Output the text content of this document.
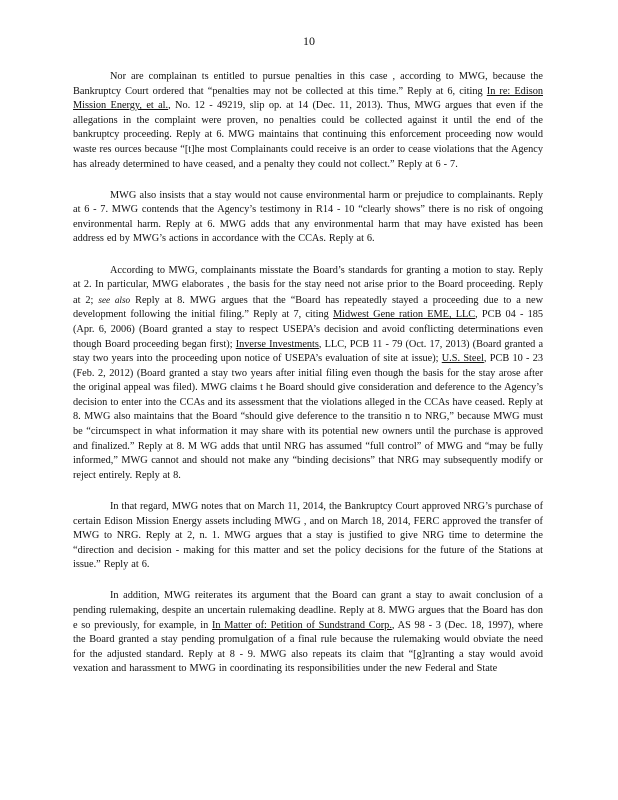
10

Nor are complainan ts entitled to pursue penalties in this case , according to MWG, because the Bankruptcy Court ordered that “penalties may not be collected at this time.” Reply at 6, citing In re: Edison Mission Energy, et al., No. 12 - 49219, slip op. at 14 (Dec. 11, 2013). Thus, MWG argues that even if the allegations in the complaint were proven, no penalties could be collected against it until the end of the bankruptcy proceeding. Reply at 6. MWG maintains that continuing this enforcement proceeding now would waste res ources because “[t]he most Complainants could receive is an order to cease violations that the Agency has already determined to have ceased, and a penalty they could not collect.” Reply at 6 - 7.

MWG also insists that a stay would not cause environmental harm or prejudice to complainants. Reply at 6 - 7. MWG contends that the Agency’s testimony in R14 - 10 “clearly shows” there is no risk of ongoing environmental harm. Reply at 6. MWG adds that any environmental harm that may have existed has been address ed by MWG’s actions in accordance with the CCAs. Reply at 6.

According to MWG, complainants misstate the Board’s standards for granting a motion to stay. Reply at 2. In particular, MWG elaborates , the basis for the stay need not arise prior to the Board proceeding. Reply at 2; see also Reply at 8. MWG argues that the “Board has repeatedly stayed a proceeding due to a new development following the initial filing.” Reply at 7, citing Midwest Gene ration EME, LLC, PCB 04 - 185 (Apr. 6, 2006) (Board granted a stay to respect USEPA’s decision and avoid conflicting determinations even though Board proceeding began first); Inverse Investments, LLC, PCB 11 - 79 (Oct. 17, 2013) (Board granted a stay two years into the proceeding upon notice of USEPA’s evaluation of site at issue); U.S. Steel, PCB 10 - 23 (Feb. 2, 2012) (Board granted a stay two years after initial filing even though the basis for the stay arose after the original appeal was filed). MWG claims t he Board should give consideration and deference to the Agency’s decision to enter into the CCAs and its assessment that the violations alleged in the CCAs have ceased. Reply at 8. MWG also maintains that the Board “should give deference to the transitio n to NRG,” because MWG must be “circumspect in what information it may share with its potential new owners until the purchase is approved and finalized.” Reply at 8. M WG adds that until NRG has assumed “full control” of MWG and “may be fully informed,” MWG cannot and should not make any “binding decisions” that NRG may subsequently modify or reject entirely. Reply at 8.

In that regard, MWG notes that on March 11, 2014, the Bankruptcy Court approved NRG’s purchase of certain Edison Mission Energy assets including MWG , and on March 18, 2014, FERC approved the transfer of MWG to NRG. Reply at 2, n. 1. MWG argues that a stay is justified to give NRG time to determine the “direction and decision - making for this matter and set the policy decisions for the future of the Stations at issue.” Reply at 6.

In addition, MWG reiterates its argument that the Board can grant a stay to await conclusion of a pending rulemaking, despite an uncertain rulemaking deadline. Reply at 8. MWG argues that the Board has don e so previously, for example, in In Matter of: Petition of Sundstrand Corp., AS 98 - 3 (Dec. 18, 1997), where the Board granted a stay pending promulgation of a final rule because the rulemaking would obviate the need for the adjusted standard. Reply at 8 - 9. MWG also repeats its claim that “[g]ranting a stay would avoid vexation and harassment to MWG in coordinating its responsibilities under the new Federal and State
